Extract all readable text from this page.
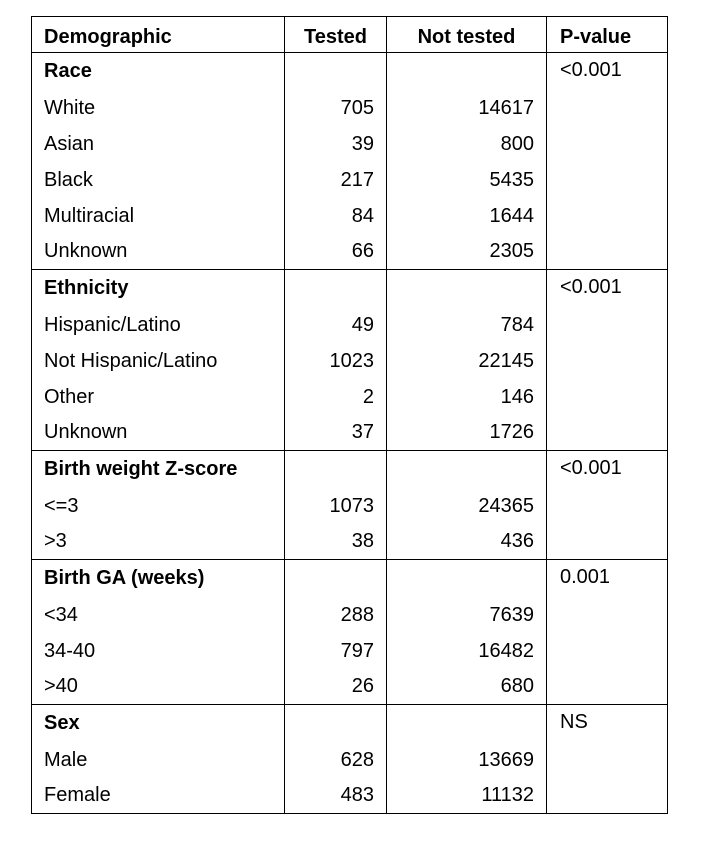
Demographic	Tested	Not tested	P-value
Race			<0.001
White	705	14617	
Asian	39	800	
Black	217	5435	
Multiracial	84	1644	
Unknown	66	2305	
Ethnicity			<0.001
Hispanic/Latino	49	784	
Not Hispanic/Latino	1023	22145	
Other	2	146	
Unknown	37	1726	
Birth weight Z-score			<0.001
<=3	1073	24365	
>3	38	436	
Birth GA (weeks)			0.001
<34	288	7639	
34-40	797	16482	
>40	26	680	
Sex			NS
Male	628	13669	
Female	483	11132	
